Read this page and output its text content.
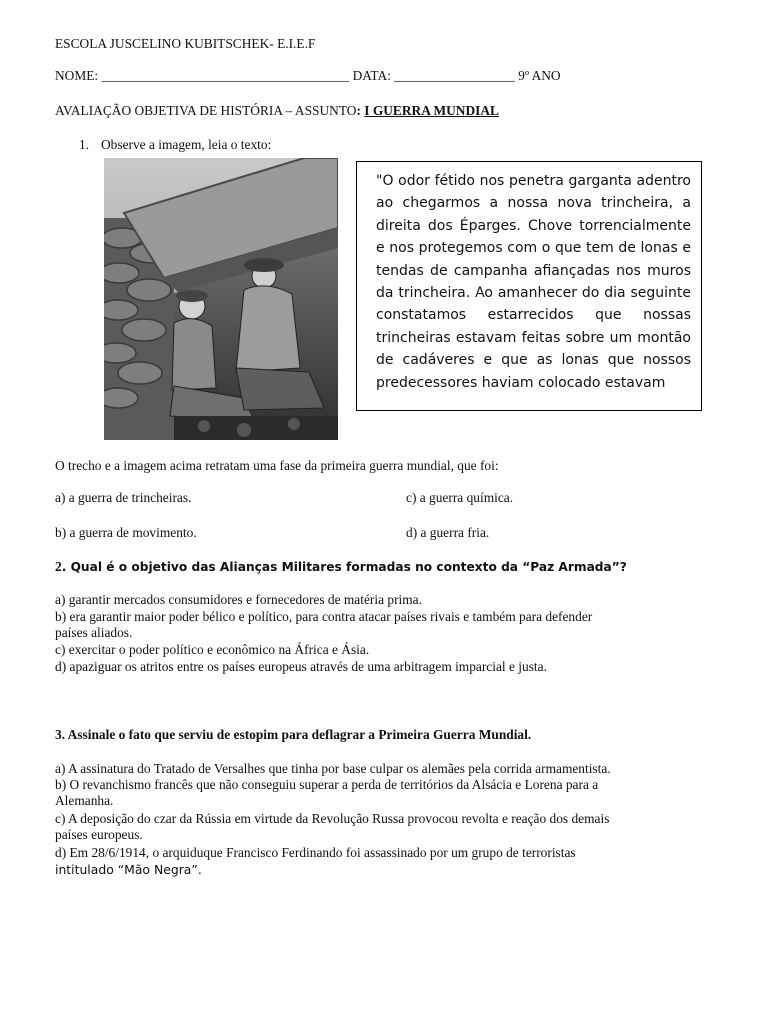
ESCOLA JUSCELINO KUBITSCHEK- E.I.E.F
NOME: _____________________________________ DATA: __________________ 9º ANO
AVALIAÇÃO OBJETIVA DE HISTÓRIA – ASSUNTO: I GUERRA MUNDIAL
1. Observe a imagem, leia o texto:
"O odor fétido nos penetra garganta adentro ao chegarmos a nossa nova trincheira, a direita dos Éparges. Chove torrencialmente e nos protegemos com o que tem de lonas e tendas de campanha afiançadas nos muros da trincheira. Ao amanhecer do dia seguinte constatamos estarrecidos que nossas trincheiras estavam feitas sobre um montão de cadáveres e que as lonas que nossos predecessores haviam colocado estavam
O trecho e a imagem acima retratam uma fase da primeira guerra mundial, que foi:
a) a guerra de trincheiras.	c) a guerra química.
b) a guerra de movimento.	d) a guerra fria.
2. Qual é o objetivo das Alianças Militares formadas no contexto da “Paz Armada”?
a) garantir mercados consumidores e fornecedores de matéria prima.
b) era garantir maior poder bélico e político, para contra atacar países rivais e também para defender
países aliados.
c) exercitar o poder político e econômico na África e Ásia.
d) apaziguar os atritos entre os países europeus através de uma arbitragem imparcial e justa.
3. Assinale o fato que serviu de estopim para deflagrar a Primeira Guerra Mundial.
a) A assinatura do Tratado de Versalhes que tinha por base culpar os alemães pela corrida armamentista.
b) O revanchismo francês que não conseguiu superar a perda de territórios da Alsácia e Lorena para a
Alemanha.
c) A deposição do czar da Rússia em virtude da Revolução Russa provocou revolta e reação dos demais
países europeus.
d) Em 28/6/1914, o arquiduque Francisco Ferdinando foi assassinado por um grupo de terroristas
intitulado “Mão Negra”.
